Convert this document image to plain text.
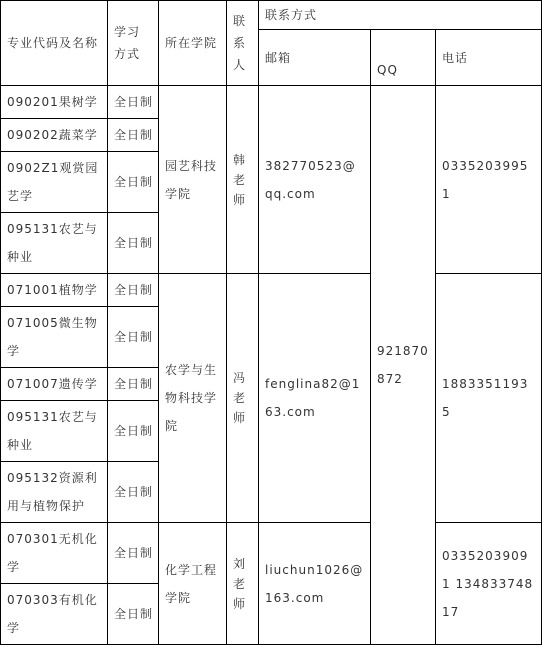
专业代码及名称	学习方式	所在学院	联系人	联系方式		
				邮箱	QQ	电话
090201果树学	全日制	园艺科技学院	韩老师	382770523@qq.com	921870872	03352039951
090202蔬菜学	全日制					
0902Z1观赏园艺学	全日制					
095131农艺与种业	全日制					
071001植物学	全日制	农学与生物科技学院	冯老师	fenglina82@163.com		18833511935
071005微生物学	全日制					
071007遗传学	全日制					
095131农艺与种业	全日制					
095132资源利用与植物保护	全日制					
070301无机化学	全日制	化学工程学院	刘老师	liuchun1026@163.com		03352039091 13483374817
070303有机化学	全日制					
